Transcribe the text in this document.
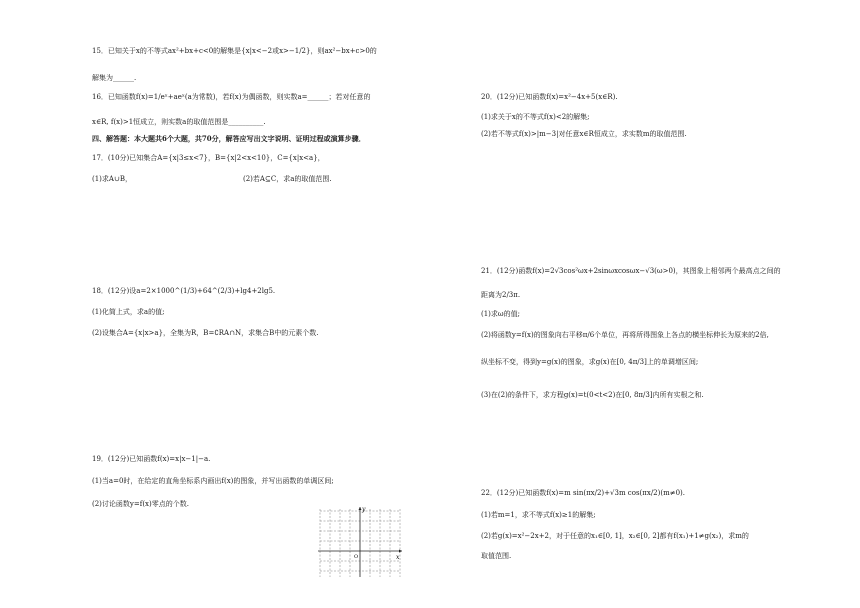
15．已知关于x的不等式ax²+bx+c<0的解集是{x|x<−2或x>−1/2}，则ax²−bx+c>0的
解集为______.
16．已知函数f(x)=1/eˣ+aeˣ(a为常数)，若f(x)为偶函数，则实数a=______；若对任意的
x∈R, f(x)>1恒成立，则实数a的取值范围是__________.
四、解答题：本大题共6个大题，共70分，解答应写出文字说明、证明过程或演算步骤．
17．(10分)已知集合A={x|3≤x<7}，B={x|2<x<10}，C={x|x<a}，
(1)求A∪B，	(2)若A⊆C，求a的取值范围.
18．(12分)设a=2×1000^(1/3)+64^(2/3)+lg4+2lg5.
(1)化简上式，求a的值;
(2)设集合A={x|x>a}，全集为R，B=∁RA∩N，求集合B中的元素个数.
19．(12分)已知函数f(x)=x|x−1|−a.
(1)当a=0时，在给定的直角坐标系内画出f(x)的图象，并写出函数的单调区间;
(2)讨论函数y=f(x)零点的个数.
20．(12分)已知函数f(x)=x²−4x+5(x∈R).
(1)求关于x的不等式f(x)<2的解集;
(2)若不等式f(x)>|m−3|对任意x∈R恒成立，求实数m的取值范围.
21．(12分)函数f(x)=2√3cos²ωx+2sinωxcosωx−√3(ω>0)，其图象上相邻两个最高点之间的
距离为2/3π.
(1)求ω的值;
(2)将函数y=f(x)的图象向右平移π/6个单位，再将所得图象上各点的横坐标伸长为原来的2倍,
纵坐标不变，得到y=g(x)的图象，求g(x)在[0, 4π/3]上的单调增区间;
(3)在(2)的条件下，求方程g(x)=t(0<t<2)在[0, 8π/3]内所有实根之和.
22．(12分)已知函数f(x)=m sin(πx/2)+√3m cos(πx/2)(m≠0).
(1)若m=1，求不等式f(x)≥1的解集;
(2)若g(x)=x²−2x+2，对于任意的x₁∈[0, 1]，x₂∈[0, 2]都有f(x₁)+1≠g(x₂)，求m的
取值范围.
x
y
O
